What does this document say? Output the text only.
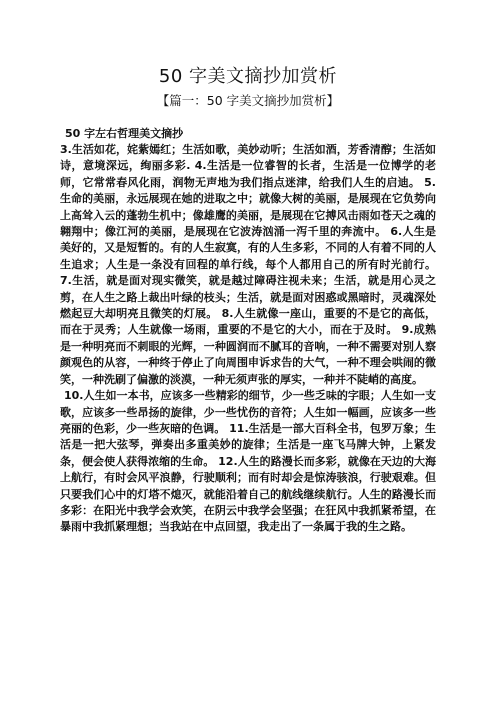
50 字美文摘抄加赏析
【篇一：50 字美文摘抄加赏析】
50 字左右哲理美文摘抄

3.生活如花，姹紫嫣红；生活如歌，美妙动听；生活如酒，芳香清醇；生活如诗，意境深远，绚丽多彩. 4.生活是一位睿智的长者，生活是一位博学的老师，它常常春风化雨，润物无声地为我们指点迷津，给我们人生的启迪。 5.生命的美丽，永远展现在她的进取之中；就像大树的美丽，是展现在它负势向上高耸入云的蓬勃生机中；像雄鹰的美丽，是展现在它搏风击雨如苍天之魂的翱翔中；像江河的美丽，是展现在它波涛汹涌一泻千里的奔流中。 6.人生是美好的，又是短暂的。有的人生寂寞，有的人生多彩，不同的人有着不同的人生追求；人生是一条没有回程的单行线，每个人都用自己的所有时光前行。 7.生活，就是面对现实微笑，就是越过障碍注视未来；生活，就是用心灵之剪，在人生之路上裁出叶绿的枝头；生活，就是面对困惑或黑暗时，灵魂深处燃起豆大却明亮且微笑的灯展。 8.人生就像一座山，重要的不是它的高低，而在于灵秀；人生就像一场雨，重要的不是它的大小，而在于及时。 9.成熟是一种明亮而不刺眼的光辉，一种圆润而不腻耳的音响，一种不需要对别人察颜观色的从容，一种终于停止了向周围申诉求告的大气，一种不理会哄闹的微笑，一种洗刷了偏激的淡漠，一种无须声张的厚实，一种并不陡峭的高度。

10.人生如一本书，应该多一些精彩的细节，少一些乏味的字眼；人生如一支歌，应该多一些昂扬的旋律，少一些忧伤的音符；人生如一幅画，应该多一些亮丽的色彩，少一些灰暗的色调。 11.生活是一部大百科全书，包罗万象；生活是一把大弦琴，弹奏出多重美妙的旋律；生活是一座飞马牌大钟，上紧发条，便会使人获得浓缩的生命。 12.人生的路漫长而多彩，就像在天边的大海上航行，有时会风平浪静，行驶顺利；而有时却会是惊涛骇浪，行驶艰难。但只要我们心中的灯塔不熄灭，就能沿着自己的航线继续航行。人生的路漫长而多彩：在阳光中我学会欢笑，在阴云中我学会坚强；在狂风中我抓紧希望，在暴雨中我抓紧理想；当我站在中点回望，我走出了一条属于我的生之路。
